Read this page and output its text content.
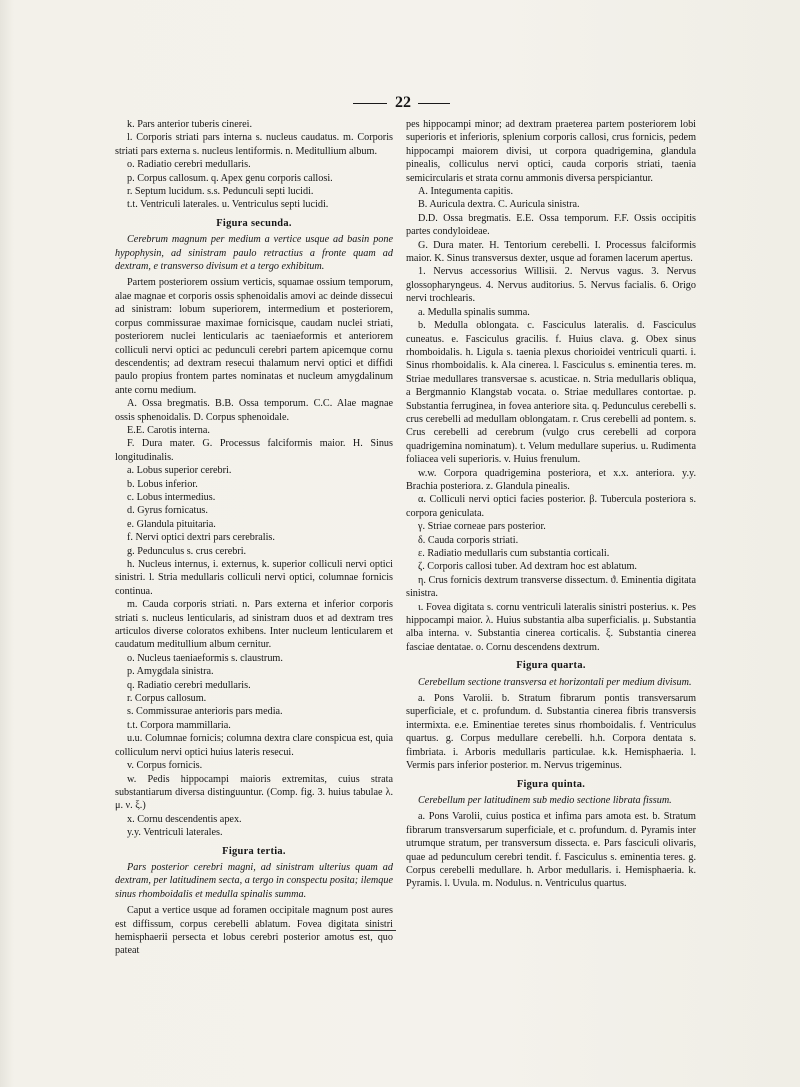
22

k. Pars anterior tuberis cinerei.

l. Corporis striati pars interna s. nucleus caudatus. m. Corporis striati pars externa s. nucleus lentiformis. n. Meditullium album.

o. Radiatio cerebri medullaris.

p. Corpus callosum. q. Apex genu corporis callosi.

r. Septum lucidum. s.s. Pedunculi septi lucidi.

t.t. Ventriculi laterales. u. Ventriculus septi lucidi.

Figura secunda.

Cerebrum magnum per medium a vertice usque ad basin pone hypophysin, ad sinistram paulo retractius a fronte quam ad dextram, e transverso divisum et a tergo exhibitum.

Partem posteriorem ossium verticis, squamae ossium temporum, alae magnae et corporis ossis sphenoidalis amovi ac deinde dissecui ad sinistram: lobum superiorem, intermedium et posteriorem, corpus commissurae maximae fornicisque, caudam nuclei striati, posteriorem nuclei lenticularis ac taeniaeformis et anteriorem colliculi nervi optici ac pedunculi cerebri partem apicemque cornu descendentis; ad dextram resecui thalamum nervi optici et diffidi paulo propius frontem partes nominatas et nucleum amygdalinum ante cornu medium.

A. Ossa bregmatis. B.B. Ossa temporum. C.C. Alae magnae ossis sphenoidalis. D. Corpus sphenoidale.

E.E. Carotis interna.

F. Dura mater. G. Processus falciformis maior. H. Sinus longitudinalis.

a. Lobus superior cerebri.

b. Lobus inferior.

c. Lobus intermedius.

d. Gyrus fornicatus.

e. Glandula pituitaria.

f. Nervi optici dextri pars cerebralis.

g. Pedunculus s. crus cerebri.

h. Nucleus internus, i. externus, k. superior colliculi nervi optici sinistri. l. Stria medullaris colliculi nervi optici, columnae fornicis continua.

m. Cauda corporis striati. n. Pars externa et inferior corporis striati s. nucleus lenticularis, ad sinistram duos et ad dextram tres articulos diverse coloratos exhibens. Inter nucleum lenticularem et caudatum meditullium album cernitur.

o. Nucleus taeniaeformis s. claustrum.

p. Amygdala sinistra.

q. Radiatio cerebri medullaris.

r. Corpus callosum.

s. Commissurae anterioris pars media.

t.t. Corpora mammillaria.

u.u. Columnae fornicis; columna dextra clare conspicua est, quia colliculum nervi optici huius lateris resecui.

v. Corpus fornicis.

w. Pedis hippocampi maioris extremitas, cuius strata substantiarum diversa distinguuntur. (Comp. fig. 3. huius tabulae λ. μ. ν. ξ.)

x. Cornu descendentis apex.

y.y. Ventriculi laterales.

Figura tertia.

Pars posterior cerebri magni, ad sinistram ulterius quam ad dextram, per latitudinem secta, a tergo in conspectu posita; ilemque sinus rhomboidalis et medulla spinalis summa.

Caput a vertice usque ad foramen occipitale magnum post aures est diffissum, corpus cerebelli ablatum. Fovea digitata sinistri hemisphaerii persecta et lobus cerebri posterior amotus est, quo pateat

pes hippocampi minor; ad dextram praeterea partem posteriorem lobi superioris et inferioris, splenium corporis callosi, crus fornicis, pedem hippocampi maiorem divisi, ut corpora quadrigemina, glandula pinealis, colliculus nervi optici, cauda corporis striati, taenia semicircularis et strata cornu ammonis diversa perspiciantur.

A. Integumenta capitis.

B. Auricula dextra. C. Auricula sinistra.

D.D. Ossa bregmatis. E.E. Ossa temporum. F.F. Ossis occipitis partes condyloideae.

G. Dura mater. H. Tentorium cerebelli. I. Processus falciformis maior. K. Sinus transversus dexter, usque ad foramen lacerum apertus.

1. Nervus accessorius Willisii. 2. Nervus vagus. 3. Nervus glossopharyngeus. 4. Nervus auditorius. 5. Nervus facialis. 6. Origo nervi trochlearis.

a. Medulla spinalis summa.

b. Medulla oblongata. c. Fasciculus lateralis. d. Fasciculus cuneatus. e. Fasciculus gracilis. f. Huius clava. g. Obex sinus rhomboidalis. h. Ligula s. taenia plexus chorioidei ventriculi quarti. i. Sinus rhomboidalis. k. Ala cinerea. l. Fasciculus s. eminentia teres. m. Striae medullares transversae s. acusticae. n. Stria medullaris obliqua, a Bergmannio Klangstab vocata. o. Striae medullares contortae. p. Substantia ferruginea, in fovea anteriore sita. q. Pedunculus cerebelli s. crus cerebelli ad medullam oblongatam. r. Crus cerebelli ad pontem. s. Crus cerebelli ad cerebrum (vulgo crus cerebelli ad corpora quadrigemina nominatum). t. Velum medullare superius. u. Rudimenta foliacea veli superioris. v. Huius frenulum.

w.w. Corpora quadrigemina posteriora, et x.x. anteriora. y.y. Brachia posteriora. z. Glandula pinealis.

α. Colliculi nervi optici facies posterior. β. Tubercula posteriora s. corpora geniculata.

γ. Striae corneae pars posterior.

δ. Cauda corporis striati.

ε. Radiatio medullaris cum substantia corticali.

ζ. Corporis callosi tuber. Ad dextram hoc est ablatum.

η. Crus fornicis dextrum transverse dissectum. ϑ. Eminentia digitata sinistra.

ι. Fovea digitata s. cornu ventriculi lateralis sinistri posterius. κ. Pes hippocampi maior. λ. Huius substantia alba superficialis. μ. Substantia alba interna. ν. Substantia cinerea corticalis. ξ. Substantia cinerea fasciae dentatae. ο. Cornu descendens dextrum.

Figura quarta.

Cerebellum sectione transversa et horizontali per medium divisum.

a. Pons Varolii. b. Stratum fibrarum pontis transversarum superficiale, et c. profundum. d. Substantia cinerea fibris transversis intermixta. e.e. Eminentiae teretes sinus rhomboidalis. f. Ventriculus quartus. g. Corpus medullare cerebelli. h.h. Corpora dentata s. fimbriata. i. Arboris medullaris particulae. k.k. Hemisphaeria. l. Vermis pars inferior posterior. m. Nervus trigeminus.

Figura quinta.

Cerebellum per latitudinem sub medio sectione librata fissum.

a. Pons Varolii, cuius postica et infima pars amota est. b. Stratum fibrarum transversarum superficiale, et c. profundum. d. Pyramis inter utrumque stratum, per transversum dissecta. e. Pars fasciculi olivaris, quae ad pedunculum cerebri tendit. f. Fasciculus s. eminentia teres. g. Corpus cerebelli medullare. h. Arbor medullaris. i. Hemisphaeria. k. Pyramis. l. Uvula. m. Nodulus. n. Ventriculus quartus.
